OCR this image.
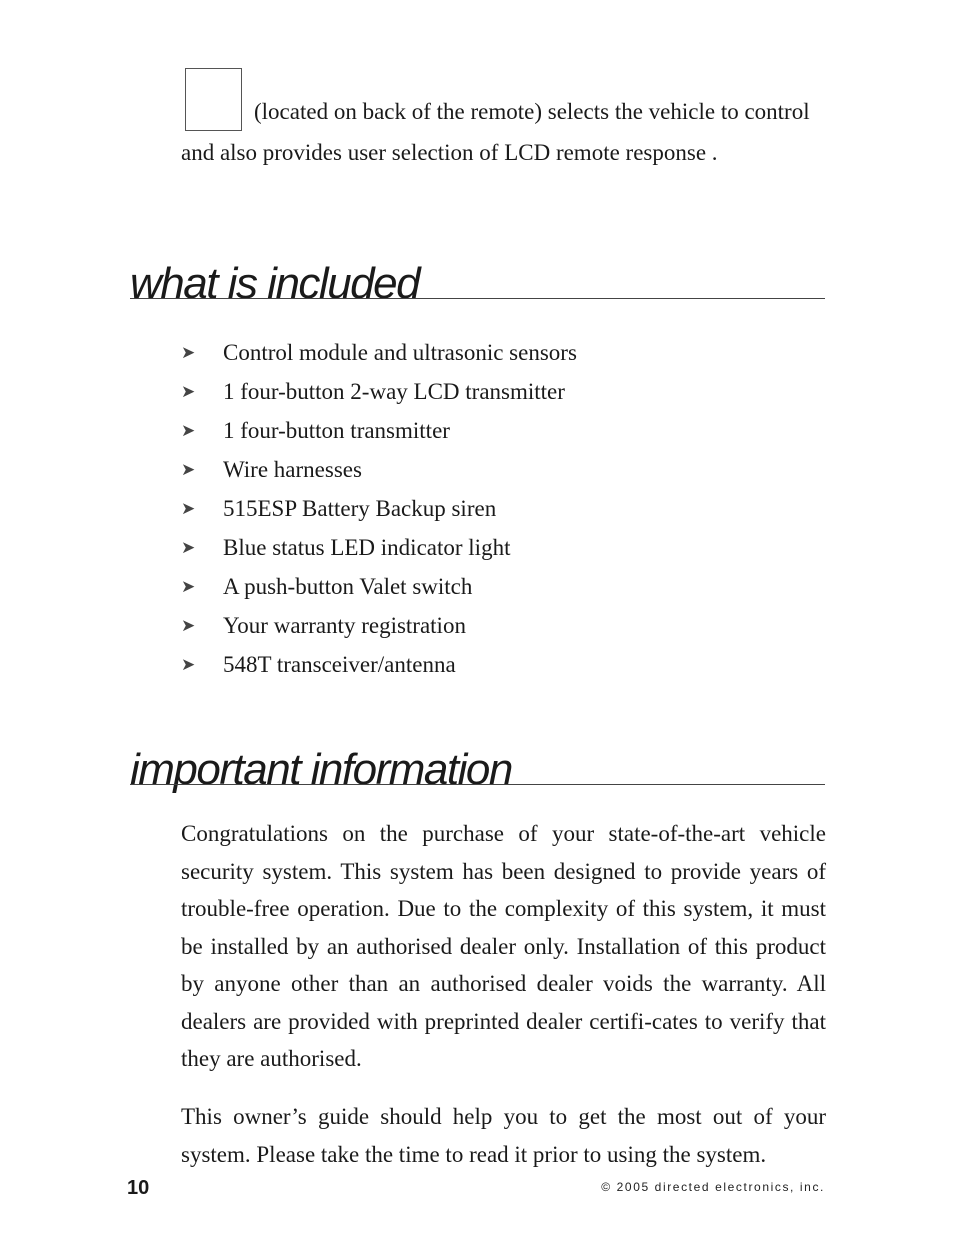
(located on back of the remote) selects the vehicle to control
and also provides user selection of LCD remote response .
what is included
➤	Control module and ultrasonic sensors
➤	1 four-button 2-way LCD transmitter
➤	1 four-button transmitter
➤	Wire harnesses
➤	515ESP Battery Backup siren
➤	Blue status LED indicator light
➤	A push-button Valet switch
➤	Your warranty registration
➤	548T transceiver/antenna
important information

Congratulations on the purchase of your state-of-the-art vehicle security system. This system has been designed to provide years of trouble-free operation. Due to the complexity of this system, it must be installed by an authorised dealer only. Installation of this product by anyone other than an authorised dealer voids the warranty. All dealers are provided with preprinted dealer certifi-cates to verify that they are authorised.

This owner’s guide should help you to get the most out of your system. Please take the time to read it prior to using the system.

10	© 2005 directed electronics, inc.
